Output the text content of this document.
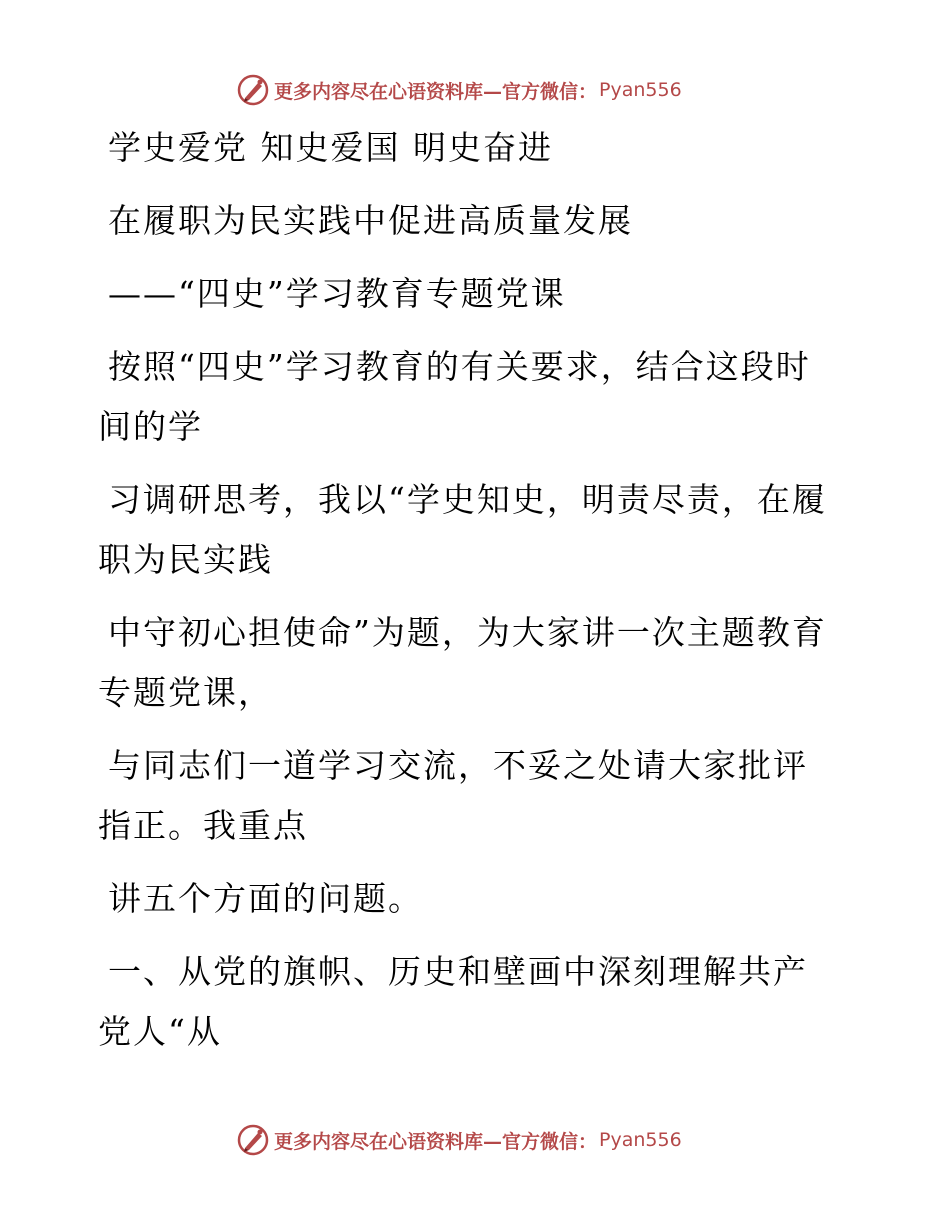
更多内容尽在心语资料库—官方微信： Pyan556

学史爱党 知史爱国 明史奋进

在履职为民实践中促进高质量发展

——“四史”学习教育专题党课

按照“四史”学习教育的有关要求，结合这段时间的学

习调研思考，我以“学史知史，明责尽责，在履职为民实践

中守初心担使命”为题，为大家讲一次主题教育专题党课，

与同志们一道学习交流，不妥之处请大家批评指正。我重点

讲五个方面的问题。

一、从党的旗帜、历史和壁画中深刻理解共产党人“从

更多内容尽在心语资料库—官方微信： Pyan556
